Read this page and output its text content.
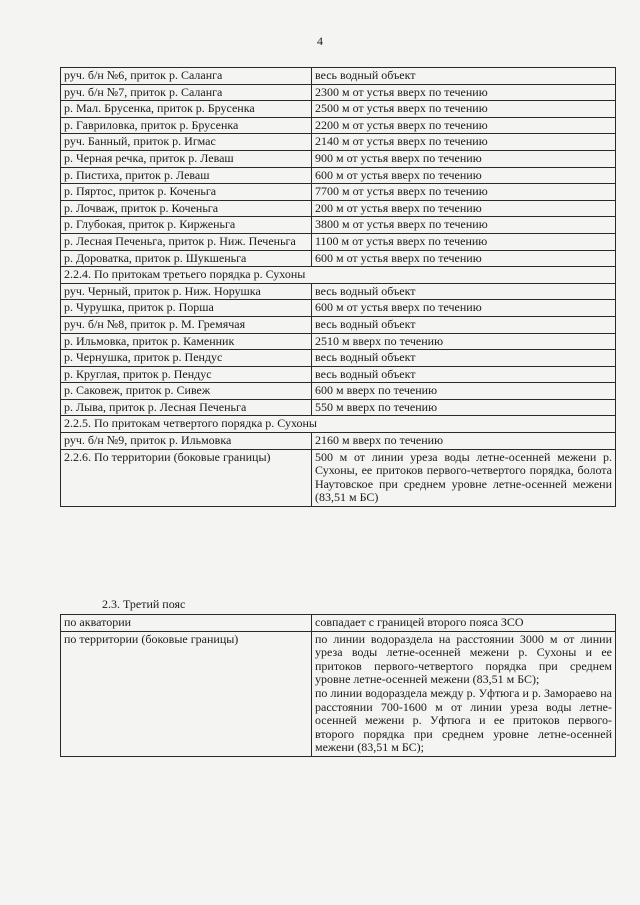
4
руч. б/н №6, приток р. Саланга	весь водный объект
руч. б/н №7, приток р. Саланга	2300 м от устья вверх по течению
р. Мал. Брусенка, приток р. Брусенка	2500 м от устья вверх по течению
р. Гавриловка, приток р. Брусенка	2200 м от устья вверх по течению
руч. Банный, приток р. Игмас	2140 м от устья вверх по течению
р. Черная речка, приток р. Леваш	900 м от устья вверх по течению
р. Пистиха, приток р. Леваш	600 м от устья вверх по течению
р. Пяртос, приток р. Коченьга	7700 м от устья вверх по течению
р. Лочваж, приток р. Коченьга	200 м от устья вверх по течению
р. Глубокая, приток р. Кирженьга	3800 м от устья вверх по течению
р. Лесная Печеньга, приток р. Ниж. Печеньга	1100 м от устья вверх по течению
р. Дороватка, приток р. Шукшеньга	600 м от устья вверх по течению
2.2.4. По притокам третьего порядка р. Сухоны	
руч. Черный, приток р. Ниж. Норушка	весь водный объект
р. Чурушка, приток р. Порша	600 м от устья вверх по течению
руч. б/н №8, приток р. М. Гремячая	весь водный объект
р. Ильмовка, приток р. Каменник	2510 м вверх по течению
р. Чернушка, приток р. Пендус	весь водный объект
р. Круглая, приток р. Пендус	весь водный объект
р. Саковеж, приток р. Сивеж	600 м вверх по течению
р. Лыва, приток р. Лесная Печеньга	550 м вверх по течению
2.2.5. По притокам четвертого порядка р. Сухоны	
руч. б/н №9, приток р. Ильмовка	2160 м вверх по течению
2.2.6. По территории (боковые границы)	500 м от линии уреза воды летне-осенней межени р. Сухоны, ее притоков первого-четвертого порядка, болота Наутовское при среднем уровне летне-осенней межени (83,51 м БС)
2.3. Третий пояс
по акватории	совпадает с границей второго пояса ЗСО

по территории (боковые границы)	по линии водораздела на расстоянии 3000 м от линии уреза воды летне-осенней межени р. Сухоны и ее притоков первого-четвертого порядка при среднем уровне летне-осенней межени (83,51 м БС);
по линии водораздела между р. Уфтюга и р. Замораево на расстоянии 700-1600 м от линии уреза воды летне-осенней межени р. Уфтюга и ее притоков первого-второго порядка при среднем уровне летне-осенней межени (83,51 м БС);
